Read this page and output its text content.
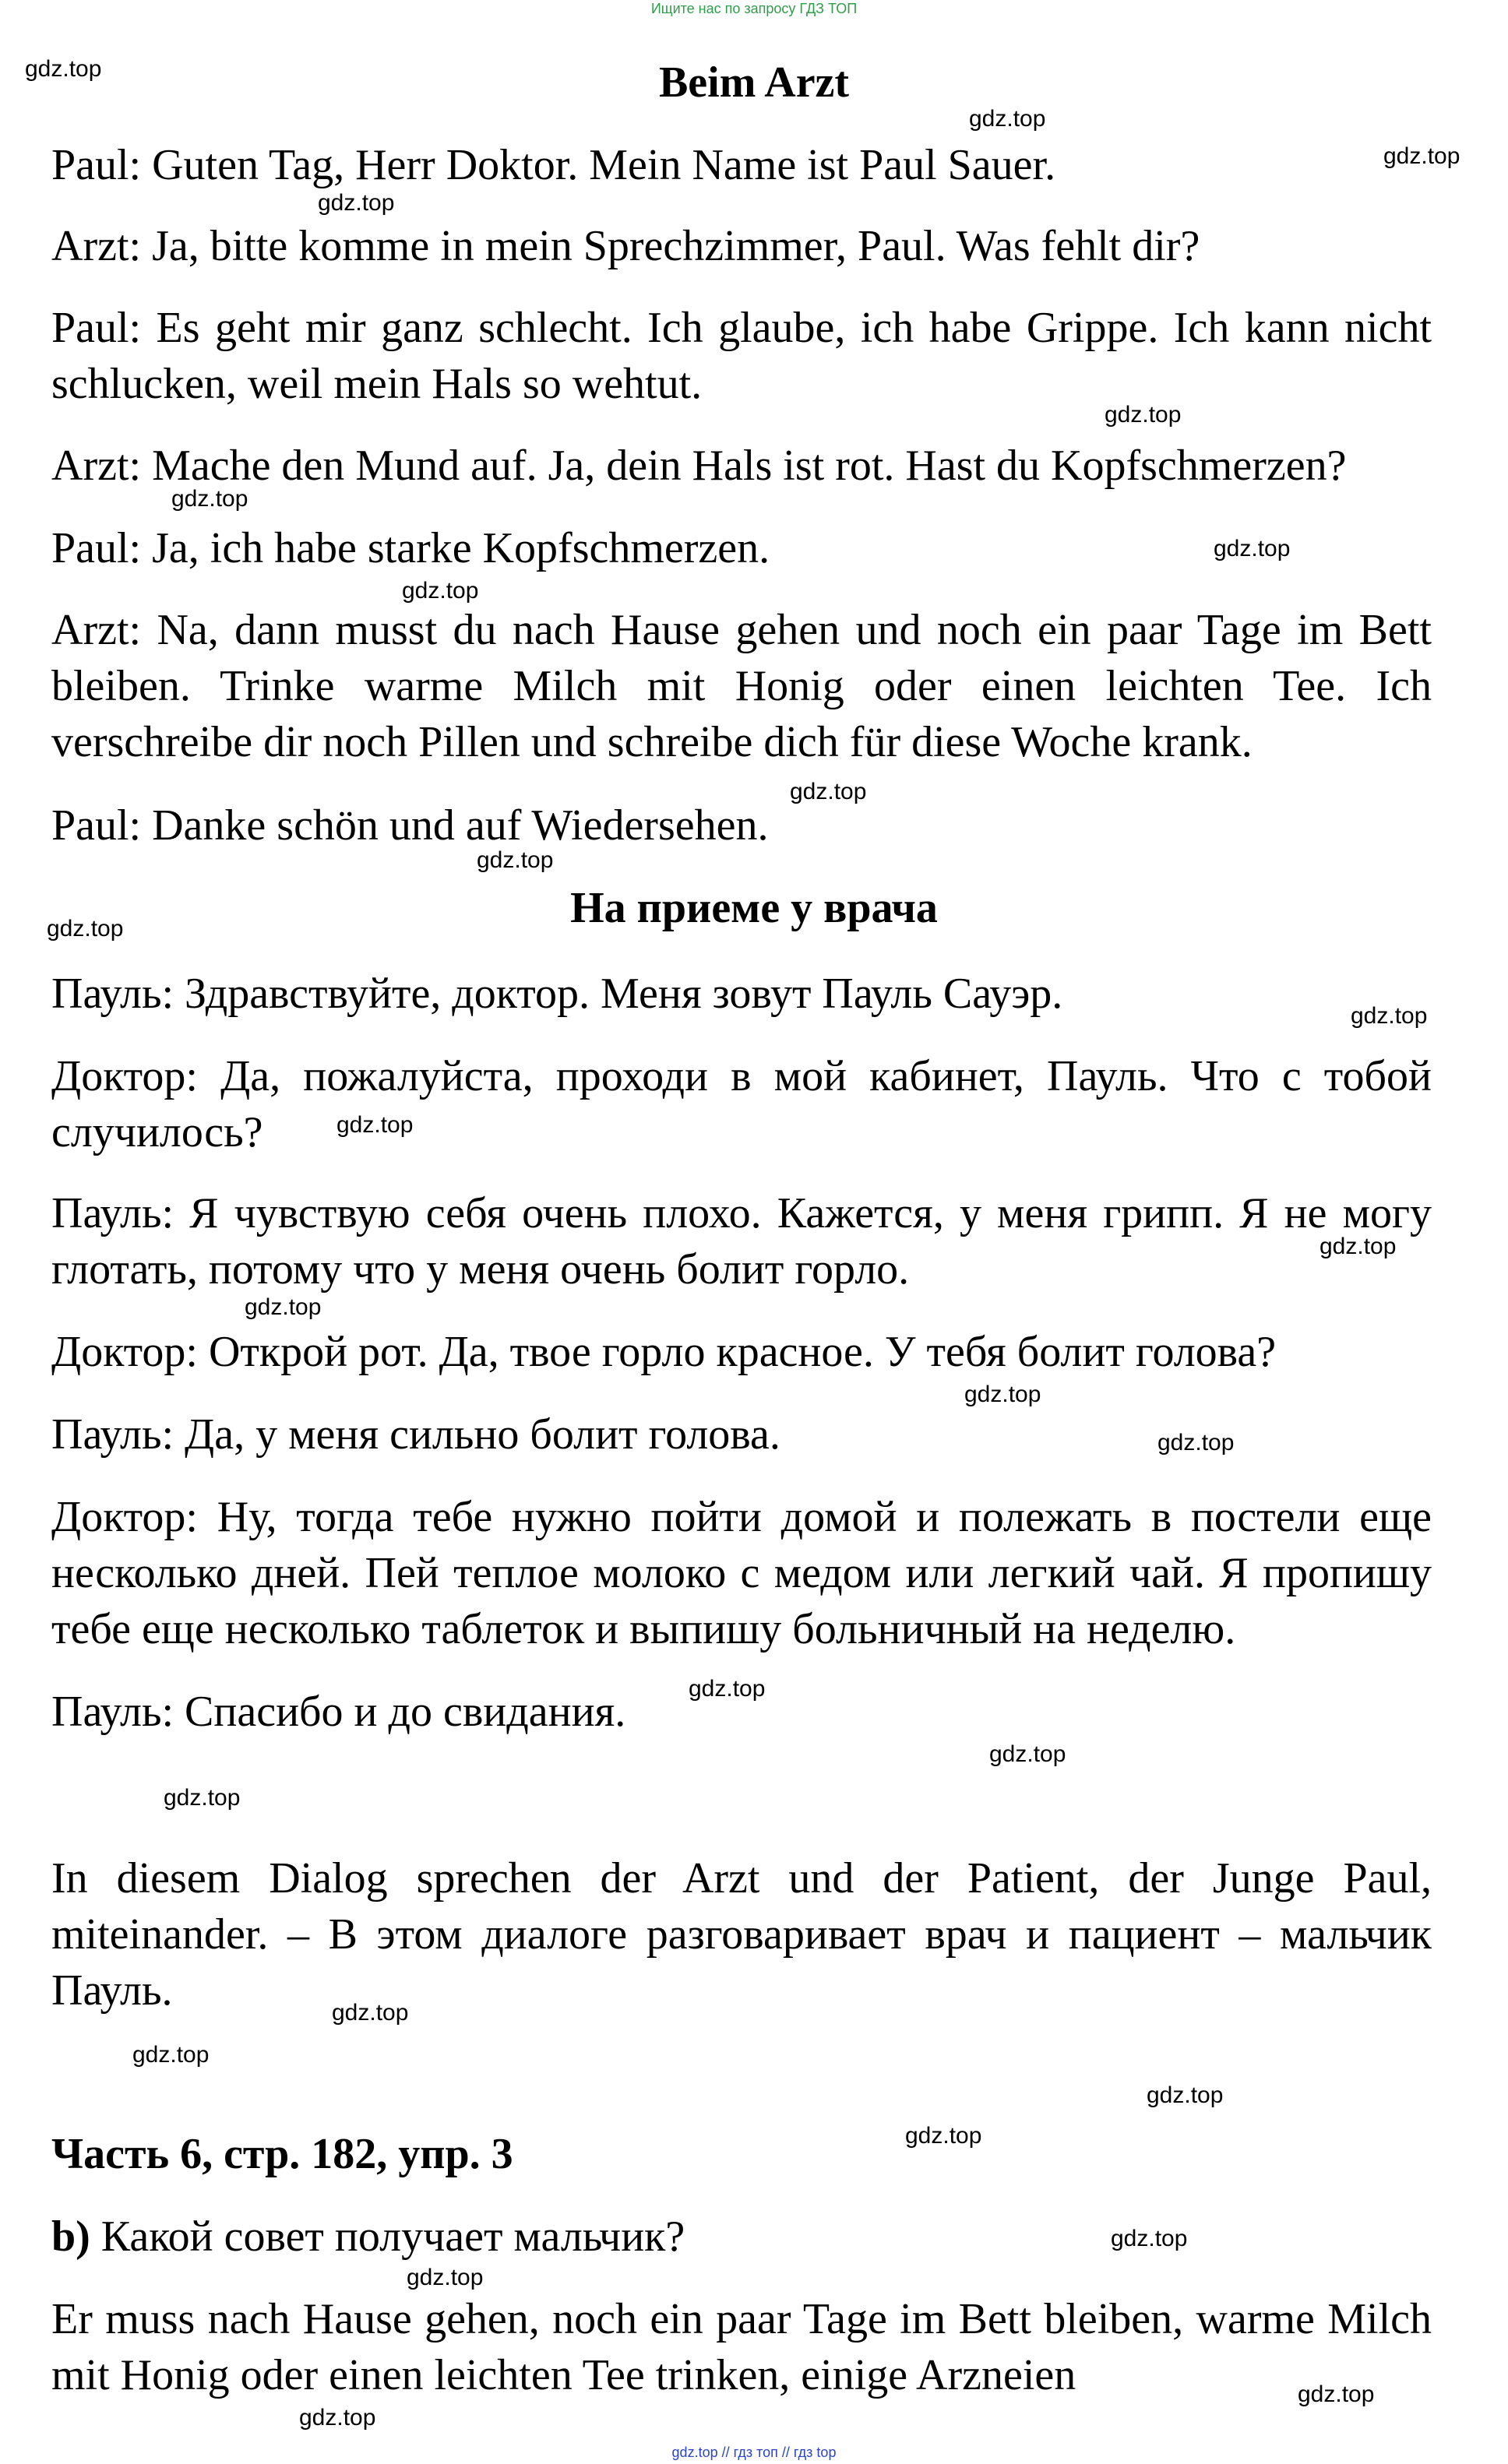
Ищите нас по запросу ГДЗ ТОП
Beim Arzt
Paul: Guten Tag, Herr Doktor. Mein Name ist Paul Sauer.
Arzt: Ja, bitte komme in mein Sprechzimmer, Paul. Was fehlt dir?
Paul: Es geht mir ganz schlecht. Ich glaube, ich habe Grippe. Ich kann nicht schlucken, weil mein Hals so wehtut.
Arzt: Mache den Mund auf. Ja, dein Hals ist rot. Hast du Kopfschmerzen?
Paul: Ja, ich habe starke Kopfschmerzen.
Arzt: Na, dann musst du nach Hause gehen und noch ein paar Tage im Bett bleiben. Trinke warme Milch mit Honig oder einen leichten Tee. Ich verschreibe dir noch Pillen und schreibe dich für diese Woche krank.
Paul: Danke schön und auf Wiedersehen.
На приеме у врача
Пауль: Здравствуйте, доктор. Меня зовут Пауль Сауэр.
Доктор: Да, пожалуйста, проходи в мой кабинет, Пауль. Что с тобой случилось?
Пауль: Я чувствую себя очень плохо. Кажется, у меня грипп. Я не могу глотать, потому что у меня очень болит горло.
Доктор: Открой рот. Да, твое горло красное. У тебя болит голова?
Пауль: Да, у меня сильно болит голова.
Доктор: Ну, тогда тебе нужно пойти домой и полежать в постели еще несколько дней. Пей теплое молоко с медом или легкий чай. Я пропишу тебе еще несколько таблеток и выпишу больничный на неделю.
Пауль: Спасибо и до свидания.
In diesem Dialog sprechen der Arzt und der Patient, der Junge Paul, miteinander. – В этом диалоге разговаривает врач и пациент – мальчик Пауль.
Часть 6, стр. 182, упр. 3
b) Какой совет получает мальчик?
Er muss nach Hause gehen, noch ein paar Tage im Bett bleiben, warme Milch mit Honig oder einen leichten Tee trinken, einige Arzneien
gdz.top
gdz.top
gdz.top
gdz.top
gdz.top
gdz.top
gdz.top
gdz.top
gdz.top
gdz.top
gdz.top
gdz.top
gdz.top
gdz.top
gdz.top
gdz.top
gdz.top
gdz.top
gdz.top
gdz.top
gdz.top
gdz.top
gdz.top
gdz.top
gdz.top
gdz.top
gdz.top
gdz.top
gdz.top // гдз топ // гдз top
